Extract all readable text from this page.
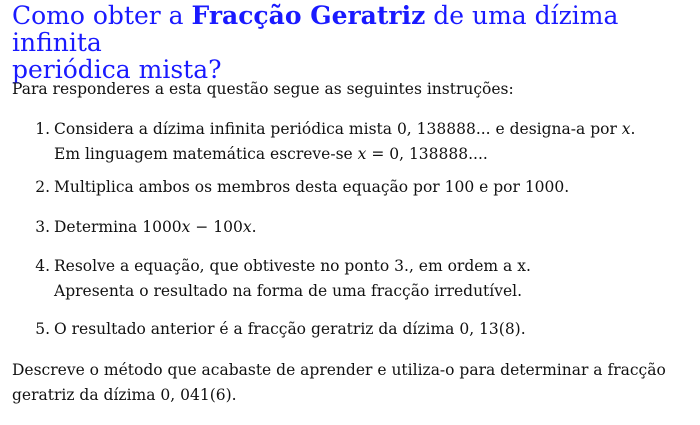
Como obter a Fracção Geratriz de uma dízima infinita
periódica mista?

Para responderes a esta questão segue as seguintes instruções:

1. Considera a dízima infinita periódica mista 0, 138888... e designa-a por x.
Em linguagem matemática escreve-se x = 0, 138888....
2. Multiplica ambos os membros desta equação por 100 e por 1000.
3. Determina 1000x − 100x.
4. Resolve a equação, que obtiveste no ponto 3., em ordem a x.
Apresenta o resultado na forma de uma fracção irredutível.
5. O resultado anterior é a fracção geratriz da dízima 0, 13(8).

Descreve o método que acabaste de aprender e utiliza-o para determinar a fracção
geratriz da dízima 0, 041(6).
